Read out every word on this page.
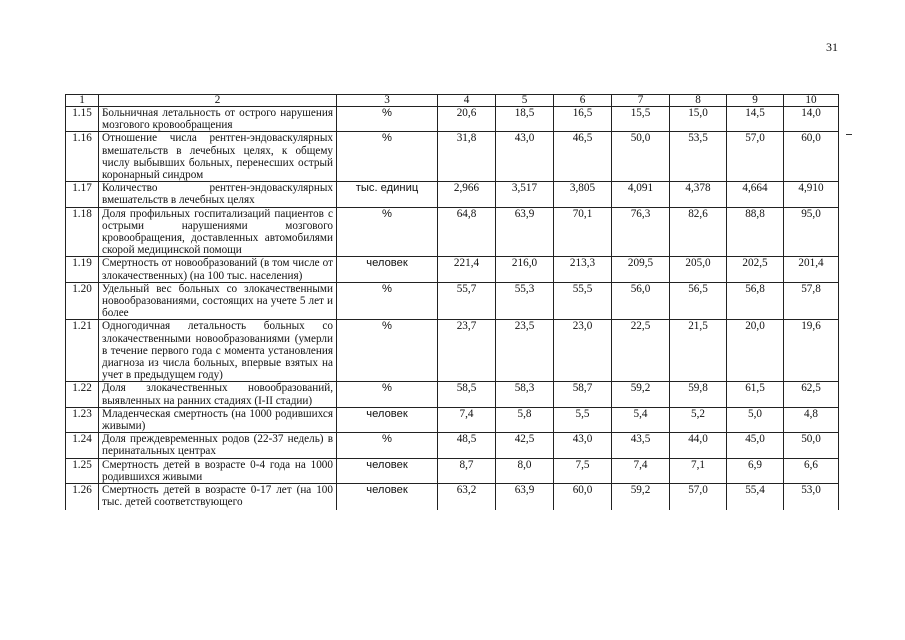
31
1	2	3	4	5	6	7	8	9	10
1.15	Больничная летальность от острого нарушения мозгового кровообращения	%	20,6	18,5	16,5	15,5	15,0	14,5	14,0
1.16	Отношение числа рентген-эндоваскулярных вмешательств в лечебных целях, к общему числу выбывших больных, перенесших острый коронарный синдром	%	31,8	43,0	46,5	50,0	53,5	57,0	60,0
1.17	Количество рентген-эндоваскулярных вмешательств в лечебных целях	тыс. единиц	2,966	3,517	3,805	4,091	4,378	4,664	4,910
1.18	Доля профильных госпитализаций пациентов с острыми нарушениями мозгового кровообращения, доставленных автомобилями скорой медицинской помощи	%	64,8	63,9	70,1	76,3	82,6	88,8	95,0
1.19	Смертность от новообразований (в том числе от злокачественных) (на 100 тыс. населения)	человек	221,4	216,0	213,3	209,5	205,0	202,5	201,4
1.20	Удельный вес больных со злокачественными новообразованиями, состоящих на учете 5 лет и более	%	55,7	55,3	55,5	56,0	56,5	56,8	57,8
1.21	Одногодичная летальность больных со злокачественными новообразованиями (умерли в течение первого года с момента установления диагноза из числа больных, впервые взятых на учет в предыдущем году)	%	23,7	23,5	23,0	22,5	21,5	20,0	19,6
1.22	Доля злокачественных новообразований, выявленных на ранних стадиях (I-II стадии)	%	58,5	58,3	58,7	59,2	59,8	61,5	62,5
1.23	Младенческая смертность (на 1000 родившихся живыми)	человек	7,4	5,8	5,5	5,4	5,2	5,0	4,8
1.24	Доля преждевременных родов (22-37 недель) в перинатальных центрах	%	48,5	42,5	43,0	43,5	44,0	45,0	50,0
1.25	Смертность детей в возрасте 0-4 года на 1000 родившихся живыми	человек	8,7	8,0	7,5	7,4	7,1	6,9	6,6
1.26	Смертность детей в возрасте 0-17 лет (на 100 тыс. детей соответствующего	человек	63,2	63,9	60,0	59,2	57,0	55,4	53,0
